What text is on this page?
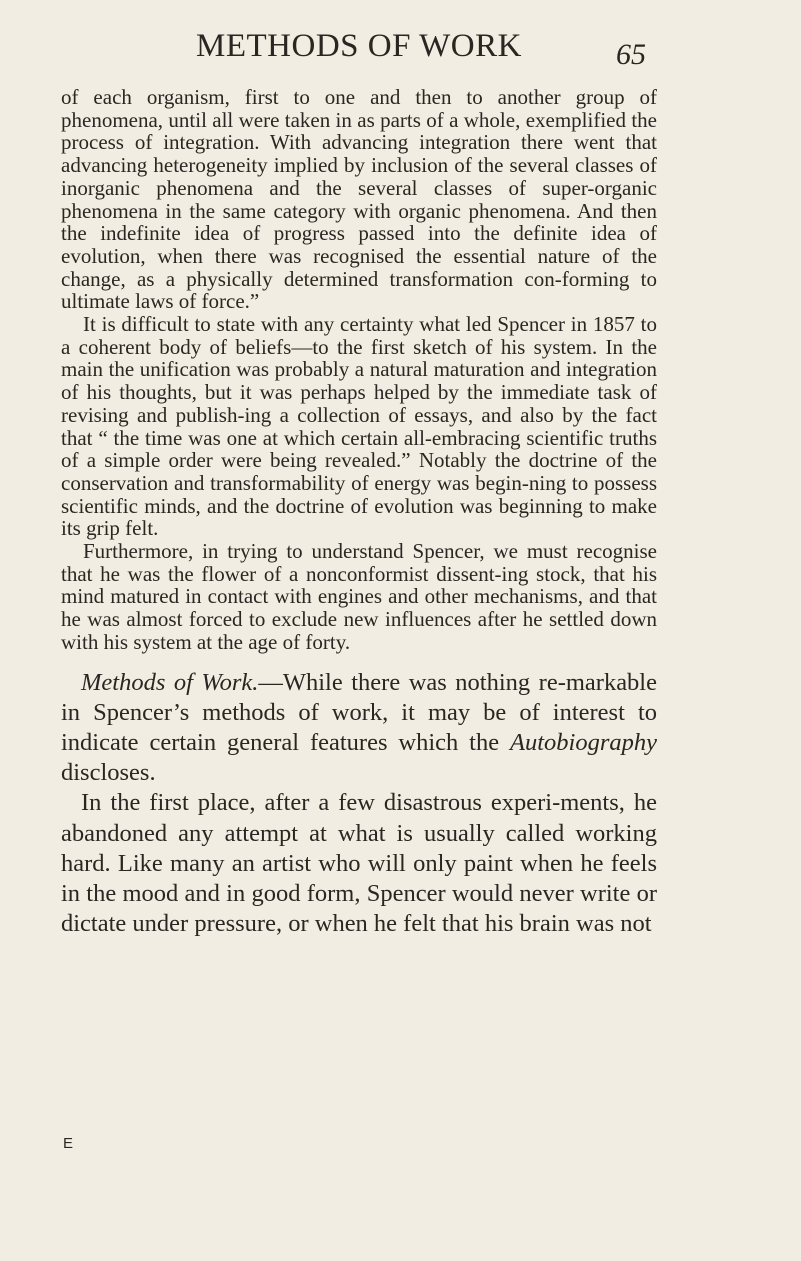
METHODS OF WORK	65

of each organism, first to one and then to another group of phenomena, until all were taken in as parts of a whole, exemplified the process of integration. With advancing integration there went that advancing heterogeneity implied by inclusion of the several classes of inorganic phenomena and the several classes of super-organic phenomena in the same category with organic phenomena. And then the indefinite idea of progress passed into the definite idea of evolution, when there was recognised the essential nature of the change, as a physically determined transformation con-forming to ultimate laws of force.”

It is difficult to state with any certainty what led Spencer in 1857 to a coherent body of beliefs—to the first sketch of his system. In the main the unification was probably a natural maturation and integration of his thoughts, but it was perhaps helped by the immediate task of revising and publish-ing a collection of essays, and also by the fact that “ the time was one at which certain all-embracing scientific truths of a simple order were being revealed.” Notably the doctrine of the conservation and transformability of energy was begin-ning to possess scientific minds, and the doctrine of evolution was beginning to make its grip felt.

Furthermore, in trying to understand Spencer, we must recognise that he was the flower of a nonconformist dissent-ing stock, that his mind matured in contact with engines and other mechanisms, and that he was almost forced to exclude new influences after he settled down with his system at the age of forty.

Methods of Work.—While there was nothing re-markable in Spencer’s methods of work, it may be of interest to indicate certain general features which the Autobiography discloses.

In the first place, after a few disastrous experi-ments, he abandoned any attempt at what is usually called working hard. Like many an artist who will only paint when he feels in the mood and in good form, Spencer would never write or dictate under pressure, or when he felt that his brain was not

E
